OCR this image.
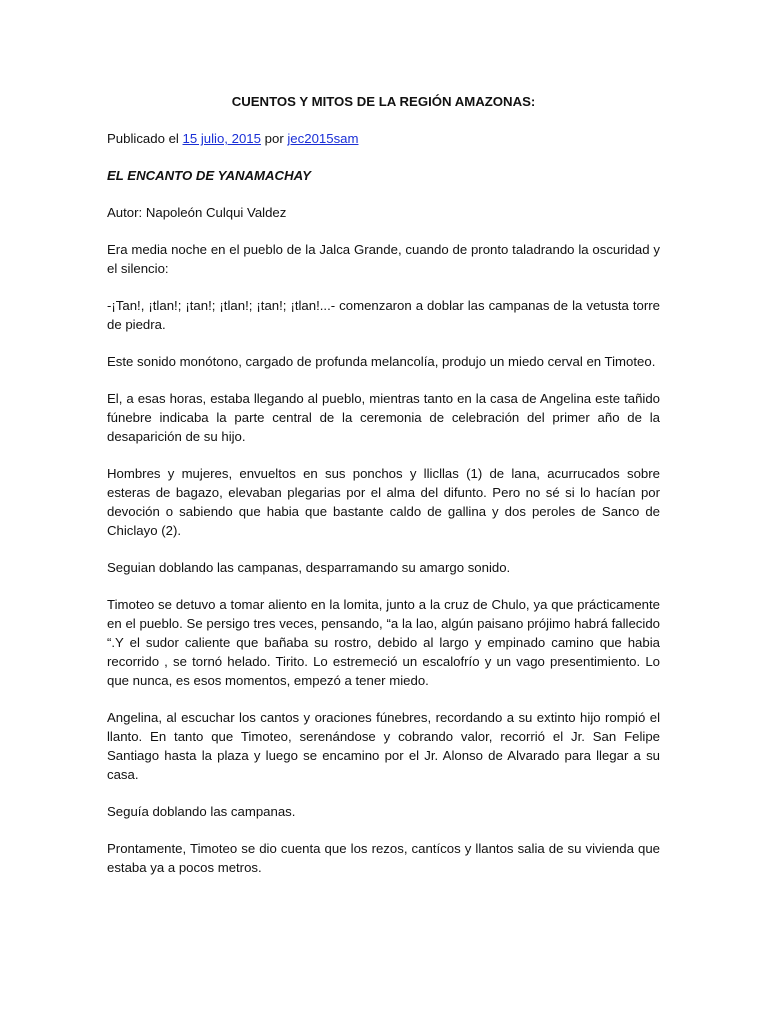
CUENTOS Y MITOS DE LA REGIÓN AMAZONAS:
Publicado el 15 julio, 2015 por jec2015sam
EL ENCANTO DE YANAMACHAY
Autor: Napoleón Culqui Valdez

Era media noche en el pueblo de la Jalca Grande, cuando de pronto taladrando la oscuridad y el silencio:

-¡Tan!, ¡tlan!; ¡tan!; ¡tlan!; ¡tan!; ¡tlan!...- comenzaron a doblar las campanas de la vetusta torre de piedra.

Este sonido monótono, cargado de profunda melancolía, produjo un miedo cerval en Timoteo.

El, a esas horas, estaba llegando al pueblo, mientras tanto en la casa de Angelina este tañido fúnebre indicaba la parte central de la ceremonia de celebración del primer año de la desaparición de su hijo.

Hombres y mujeres, envueltos en sus ponchos y llicllas (1) de lana, acurrucados sobre esteras de bagazo, elevaban plegarias por el alma del difunto. Pero no sé si lo hacían por devoción o sabiendo que habia que bastante caldo de gallina y dos peroles de Sanco de Chiclayo (2).

Seguian doblando las campanas, desparramando su amargo sonido.

Timoteo se detuvo a tomar aliento en la lomita, junto a la cruz de Chulo, ya que prácticamente en el pueblo. Se persigo tres veces, pensando, “a la lao, algún paisano prójimo habrá fallecido “.Y el sudor caliente que bañaba su rostro, debido al largo y empinado camino que habia recorrido , se tornó helado. Tirito. Lo estremeció un escalofrío y un vago presentimiento. Lo que nunca, es esos momentos, empezó a tener miedo.

Angelina, al escuchar los cantos y oraciones fúnebres, recordando a su extinto hijo rompió el llanto. En tanto que Timoteo, serenándose y cobrando valor, recorrió el Jr. San Felipe Santiago hasta la plaza y luego se encamino por el Jr. Alonso de Alvarado para llegar a su casa.

Seguía doblando las campanas.

Prontamente, Timoteo se dio cuenta que los rezos, cantícos y llantos salia de su vivienda que estaba ya a pocos metros.
